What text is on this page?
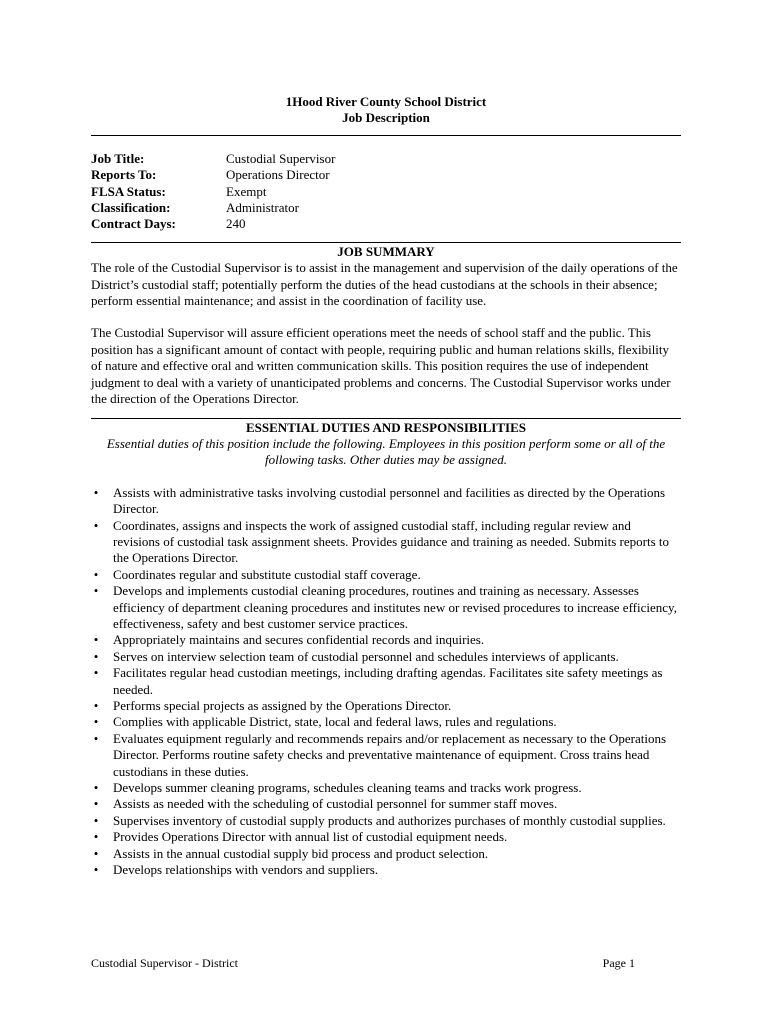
1Hood River County School District
Job Description
Job Title:	Custodial Supervisor
Reports To:	Operations Director
FLSA Status:	Exempt
Classification:	Administrator
Contract Days:	240
JOB SUMMARY

The role of the Custodial Supervisor is to assist in the management and supervision of the daily operations of the District’s custodial staff; potentially perform the duties of the head custodians at the schools in their absence; perform essential maintenance; and assist in the coordination of facility use.

The Custodial Supervisor will assure efficient operations meet the needs of school staff and the public. This position has a significant amount of contact with people, requiring public and human relations skills, flexibility of nature and effective oral and written communication skills. This position requires the use of independent judgment to deal with a variety of unanticipated problems and concerns. The Custodial Supervisor works under the direction of the Operations Director.

ESSENTIAL DUTIES AND RESPONSIBILITIES
Essential duties of this position include the following. Employees in this position perform some or all of the following tasks. Other duties may be assigned.
• Assists with administrative tasks involving custodial personnel and facilities as directed by the Operations Director.
• Coordinates, assigns and inspects the work of assigned custodial staff, including regular review and revisions of custodial task assignment sheets. Provides guidance and training as needed. Submits reports to the Operations Director.
• Coordinates regular and substitute custodial staff coverage.
• Develops and implements custodial cleaning procedures, routines and training as necessary. Assesses efficiency of department cleaning procedures and institutes new or revised procedures to increase efficiency, effectiveness, safety and best customer service practices.
• Appropriately maintains and secures confidential records and inquiries.
• Serves on interview selection team of custodial personnel and schedules interviews of applicants.
• Facilitates regular head custodian meetings, including drafting agendas. Facilitates site safety meetings as needed.
• Performs special projects as assigned by the Operations Director.
• Complies with applicable District, state, local and federal laws, rules and regulations.
• Evaluates equipment regularly and recommends repairs and/or replacement as necessary to the Operations Director. Performs routine safety checks and preventative maintenance of equipment. Cross trains head custodians in these duties.
• Develops summer cleaning programs, schedules cleaning teams and tracks work progress.
• Assists as needed with the scheduling of custodial personnel for summer staff moves.
• Supervises inventory of custodial supply products and authorizes purchases of monthly custodial supplies.
• Provides Operations Director with annual list of custodial equipment needs.
• Assists in the annual custodial supply bid process and product selection.
• Develops relationships with vendors and suppliers.
Custodial Supervisor - District	Page 1
